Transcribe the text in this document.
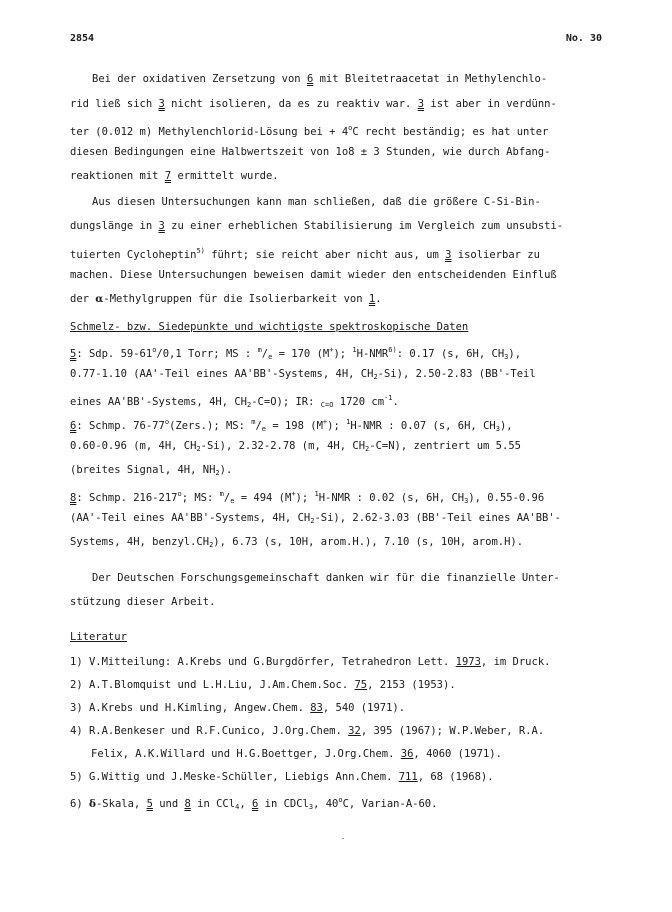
2854	No. 30
Bei der oxidativen Zersetzung von 6 mit Bleitetraacetat in Methylenchlo-
rid ließ sich 3 nicht isolieren, da es zu reaktiv war. 3 ist aber in verdünn-
ter (0.012 m) Methylenchlorid-Lösung bei + $4^oC$ recht beständig; es hat unter
diesen Bedingungen eine Halbwertszeit von 1o8 ± 3 Stunden, wie durch Abfang-
reaktionen mit 7 ermittelt wurde.
Aus diesen Untersuchungen kann man schließen, daß die größere C-Si-Bin-
dungslänge in 3 zu einer erheblichen Stabilisierung im Vergleich zum unsubsti-
tuierten Cycloheptin$^{5)}$ führt; sie reicht aber nicht aus, um 3 isolierbar zu
machen. Diese Untersuchungen beweisen damit wieder den entscheidenden Einfluß
der α-Methylgruppen für die Isolierbarkeit von 1.
Schmelz- bzw. Siedepunkte und wichtigste spektroskopische Daten
5: Sdp. 59-61$^o$/0,1 Torr; MS : $^m/_e = 170$ (M+); $^1$H-NMR$^{6)}$: 0.17 (s, 6H, $CH_3$),
0.77-1.10 (AA'-Teil eines AA'BB'-Systems, 4H, $CH_2-Si$), 2.50-2.83 (BB'-Teil
eines AA'BB'-Systems, 4H, $CH_2-C=O$); IR: $_{C=O}$ 1720 $cm^{-1}$.
6: Schmp. 76-77$^o$(Zers.); MS: $^m/_e = 198$ (M+); $^1$H-NMR : 0.07 (s, 6H, $CH_3$),
0.60-0.96 (m, 4H, $CH_2-Si$), 2.32-2.78 (m, 4H, $CH_2-C=N$), zentriert um 5.55
(breites Signal, 4H, $NH_2$).
8: Schmp. 216-217$^o$; MS: $^m/_e = 494$ (M+); $^1$H-NMR : 0.02 (s, 6H, $CH_3$), 0.55-0.96
(AA'-Teil eines AA'BB'-Systems, 4H, $CH_2-Si$), 2.62-3.03 (BB'-Teil eines AA'BB'-
Systems, 4H, $benzyl.CH_2$), 6.73 (s, 10H, arom.H.), 7.10 (s, 10H, arom.H).
Der Deutschen Forschungsgemeinschaft danken wir für die finanzielle Unter-
stützung dieser Arbeit.
Literatur
1) V.Mitteilung: A.Krebs und G.Burgdörfer, Tetrahedron Lett. 1973, im Druck.
2) A.T.Blomquist und L.H.Liu, J.Am.Chem.Soc. 75, 2153 (1953).
3) A.Krebs und H.Kimling, Angew.Chem. 83, 540 (1971).
4) R.A.Benkeser und R.F.Cunico, J.Org.Chem. 32, 395 (1967); W.P.Weber, R.A.
Felix, A.K.Willard und H.G.Boettger, J.Org.Chem. 36, 4060 (1971).
5) G.Wittig und J.Meske-Schüller, Liebigs Ann.Chem. 711, 68 (1968).
6) δ-Skala, 5 und 8 in CCl$_4$, 6 in CDCl$_3$, 40$^o$C, Varian-A-60.
